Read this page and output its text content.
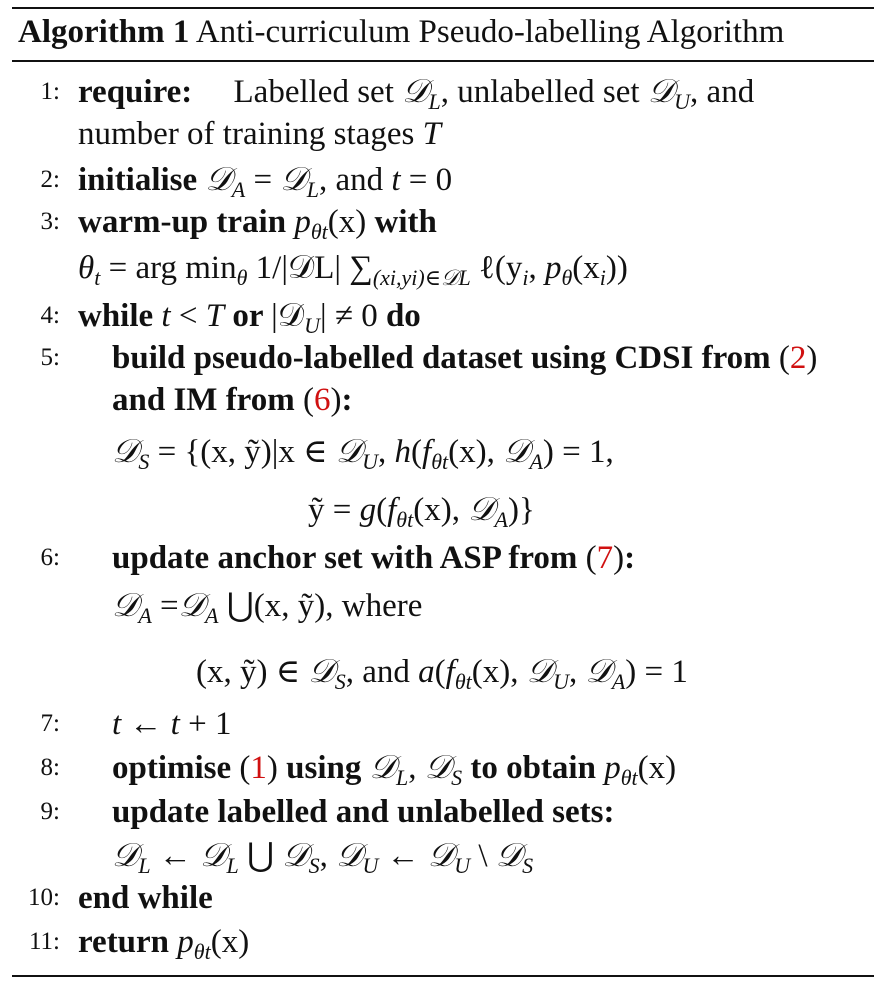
Algorithm 1 Anti-curriculum Pseudo-labelling Algorithm
1: require:  Labelled set 𝒟$_L$, unlabelled set 𝒟$_U$, and
number of training stages T
2: initialise 𝒟$_A$ = 𝒟$_L$, and t = 0
3: warm-up train $p_{\theta t}(x)$ with
$\theta_t$ = arg $\min_\theta$ 1/|𝒟L| $\sum_{(xi,yi)\in 𝒟L}$ $\ell(y_i$, $p_\theta(x_i)$)
4: while t < T or |𝒟$_U$| ≠ 0 do
5: build pseudo-labelled dataset using CDSI from (2)
and IM from (6):
𝒟$_S$ = {(x, ỹ)|x ∈ 𝒟$_U$, $h(f_{\theta t}(x)$, 𝒟$_A$) = 1,
ỹ = $g(f_{\theta t}(x)$, 𝒟$_A$)}
6: update anchor set with ASP from (7):
𝒟$_A$ =𝒟$_A$ ⋃(x, ỹ), where
(x, ỹ) ∈ 𝒟$_S$, and $a(f_{\theta t}(x)$, 𝒟$_U$, 𝒟$_A$) = 1
7: t ← t + 1
8: optimise (1) using 𝒟$_L$, 𝒟$_S$ to obtain $p_{\theta t}(x)$
9: update labelled and unlabelled sets:
𝒟$_L$ ← 𝒟$_L$ ⋃ 𝒟$_S$, 𝒟$_U$ ← 𝒟$_U$ \ 𝒟$_S$
10: end while
11: return $p_{\theta t}(x)$
